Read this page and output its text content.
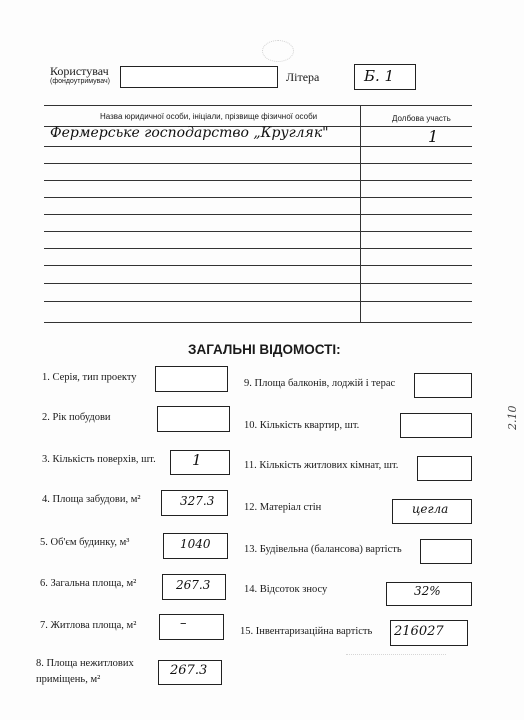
Користувач
(фондоутримувач)	Літера	Б. 1
Назва юридичної особи, ініціали, прізвище фізичної особи	Долбова участь
Фермерське господарство „Кругляк"	1
ЗАГАЛЬНІ ВІДОМОСТІ:
1. Серія, тип проекту
2. Рік побудови
3. Кількість поверхів, шт. 1
4. Площа забудови, м²	327.3
5. Об'єм будинку, м³	1040
6. Загальна площа, м²	267.3
7. Житлова площа, м²	–
8. Площа нежитлових
приміщень, м²
267.3
9. Площа балконів, лоджій і терас
10. Кількість квартир, шт.
11. Кількість житлових кімнат, шт.
12. Матеріал стін	цегла
13. Будівельна (балансова) вартість
14. Відсоток зносу	32%
15. Інвентаризаційна вартість 216027
2.10
